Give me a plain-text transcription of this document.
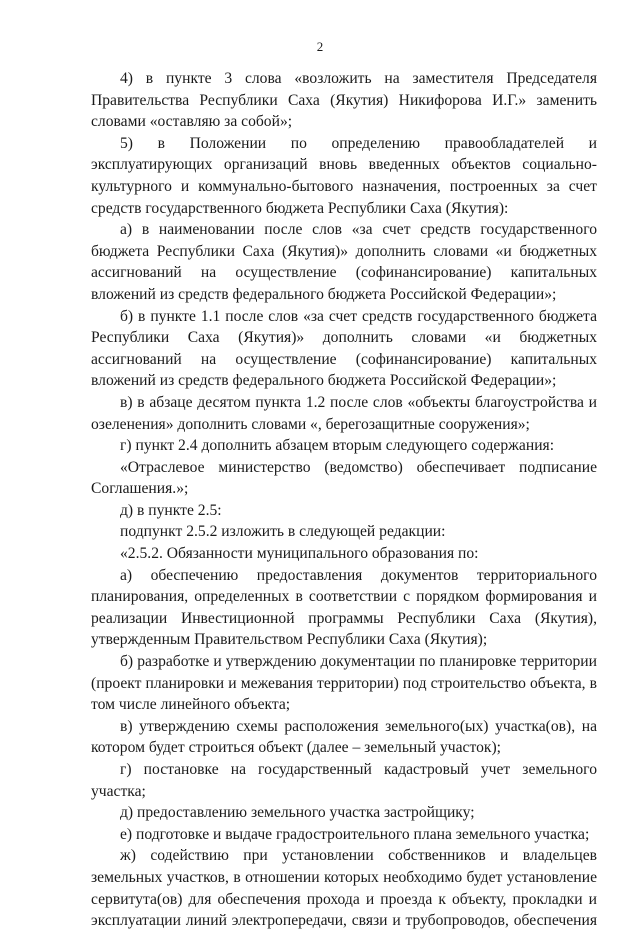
2

4) в пункте 3 слова «возложить на заместителя Председателя Правительства Республики Саха (Якутия) Никифорова И.Г.» заменить словами «оставляю за собой»;

5) в Положении по определению правообладателей и эксплуатирующих организаций вновь введенных объектов социально-культурного и коммунально-бытового назначения, построенных за счет средств государственного бюджета Республики Саха (Якутия):

а) в наименовании после слов «за счет средств государственного бюджета Республики Саха (Якутия)» дополнить словами «и бюджетных ассигнований на осуществление (софинансирование) капитальных вложений из средств федерального бюджета Российской Федерации»;

б) в пункте 1.1 после слов «за счет средств государственного бюджета Республики Саха (Якутия)» дополнить словами «и бюджетных ассигнований на осуществление (софинансирование) капитальных вложений из средств федерального бюджета Российской Федерации»;

в) в абзаце десятом пункта 1.2 после слов «объекты благоустройства и озеленения» дополнить словами «, берегозащитные сооружения»;

г) пункт 2.4 дополнить абзацем вторым следующего содержания:

«Отраслевое министерство (ведомство) обеспечивает подписание Соглашения.»;

д) в пункте 2.5:

подпункт 2.5.2 изложить в следующей редакции:

«2.5.2. Обязанности муниципального образования по:

а) обеспечению предоставления документов территориального планирования, определенных в соответствии с порядком формирования и реализации Инвестиционной программы Республики Саха (Якутия), утвержденным Правительством Республики Саха (Якутия);

б) разработке и утверждению документации по планировке территории (проект планировки и межевания территории) под строительство объекта, в том числе линейного объекта;

в) утверждению схемы расположения земельного(ых) участка(ов), на котором будет строиться объект (далее – земельный участок);

г) постановке на государственный кадастровый учет земельного участка;

д) предоставлению земельного участка застройщику;

е) подготовке и выдаче градостроительного плана земельного участка;

ж) содействию при установлении собственников и владельцев земельных участков, в отношении которых необходимо будет установление сервитута(ов) для обеспечения прохода и проезда к объекту, прокладки и эксплуатации линий электропередачи, связи и трубопроводов, обеспечения
